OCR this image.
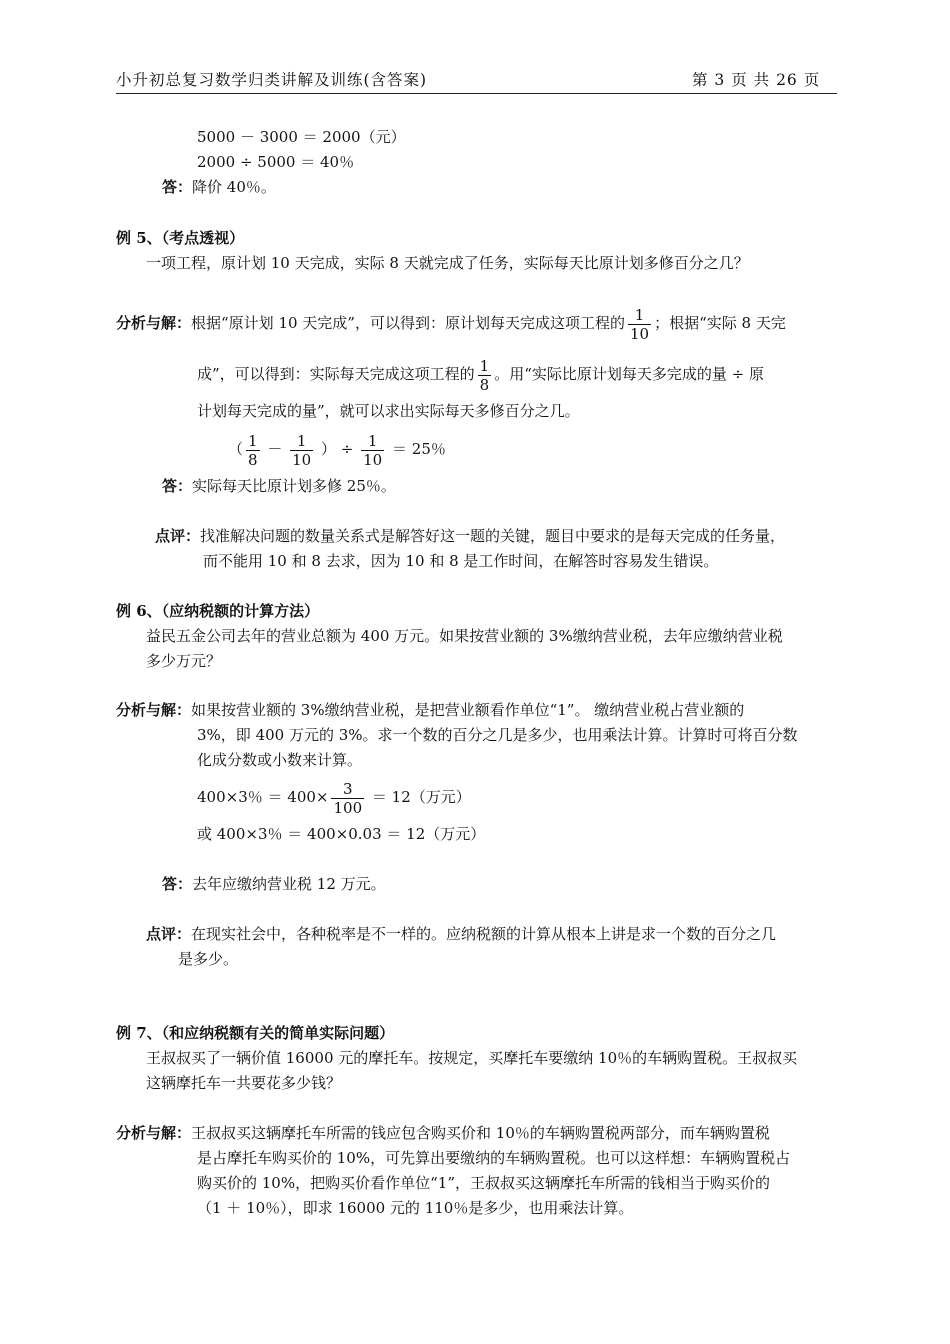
小升初总复习数学归类讲解及训练(含答案)	第 3 页 共 26 页
5000 － 3000 ＝ 2000（元）
2000 ÷ 5000 ＝ 40％
答：降价 40％。
例 5、（考点透视）
一项工程，原计划 10 天完成，实际 8 天就完成了任务，实际每天比原计划多修百分之几？
分析与解：根据“原计划 10 天完成”，可以得到：原计划每天完成这项工程的 $\frac{1}{10}$ ；根据“实际 8 天完
成”，可以得到：实际每天完成这项工程的 $\frac{1}{8}$ 。用“实际比原计划每天多完成的量 ÷ 原
计划每天完成的量”，就可以求出实际每天多修百分之几。
（ $\frac{1}{8} - \frac{1}{10}$ ） ÷ $\frac{1}{10} = 25$％
答：实际每天比原计划多修 25％。
点评：找准解决问题的数量关系式是解答好这一题的关键，题目中要求的是每天完成的任务量，
而不能用 10 和 8 去求，因为 10 和 8 是工作时间，在解答时容易发生错误。
例 6、（应纳税额的计算方法）
益民五金公司去年的营业总额为 400 万元。如果按营业额的 3%缴纳营业税，去年应缴纳营业税
多少万元？
分析与解：如果按营业额的 3%缴纳营业税，是把营业额看作单位“1”。 缴纳营业税占营业额的
3%，即 400 万元的 3%。求一个数的百分之几是多少，也用乘法计算。计算时可将百分数
化成分数或小数来计算。
400×3％ ＝ $400\times \frac{3}{100} = 12$（万元）
或 400×3％ ＝ 400×0.03 ＝ 12（万元）
答：去年应缴纳营业税 12 万元。
点评：在现实社会中，各种税率是不一样的。应纳税额的计算从根本上讲是求一个数的百分之几
是多少。
例 7、（和应纳税额有关的简单实际问题）
王叔叔买了一辆价值 16000 元的摩托车。按规定，买摩托车要缴纳 10％的车辆购置税。王叔叔买
这辆摩托车一共要花多少钱？
分析与解：王叔叔买这辆摩托车所需的钱应包含购买价和 10％的车辆购置税两部分，而车辆购置税
是占摩托车购买价的 10%，可先算出要缴纳的车辆购置税。也可以这样想：车辆购置税占
购买价的 10%，把购买价看作单位“1”，王叔叔买这辆摩托车所需的钱相当于购买价的
（1 ＋ 10％），即求 16000 元的 110％是多少，也用乘法计算。
